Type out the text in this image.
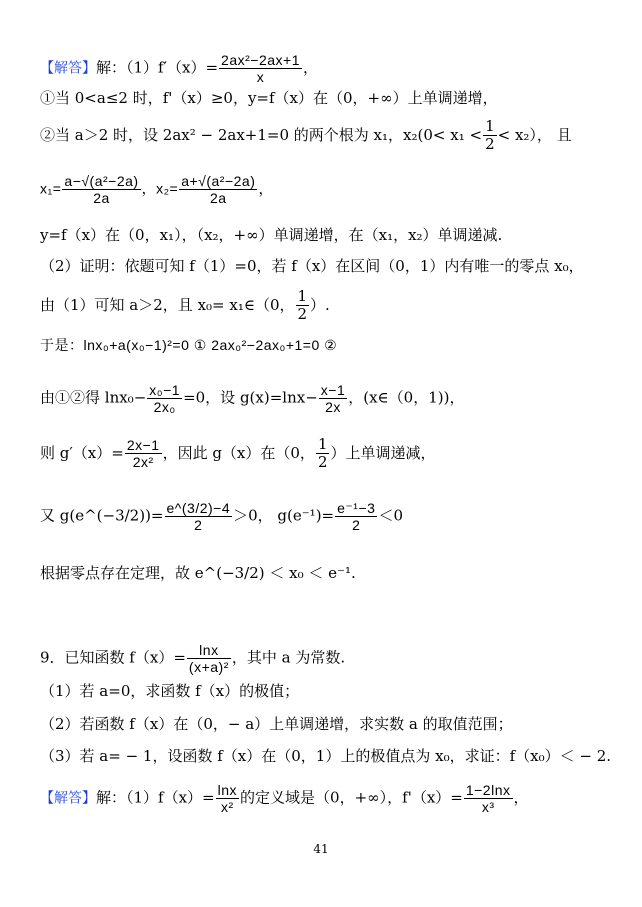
【解答】解：$(1)f'(x)= \frac{\text{2ax²−2ax+1}}{x}$ ，
①当 0<a≤2 时，f'（x）≥0，y=f（x）在（0，+∞）上单调递增，
②当 a＞2 时，设 2ax² − 2ax+1=0 的两个根为 x₁，$x_2(0< x_1 < \frac{1}{2} < x_2)$， 且
$x_1= \frac{\text{a−√(a²−2a)}}{2a}$ ，$x_2= \frac{\text{a+√(a²−2a)}}{2a}$ ，
y=f（x）在（0，x₁），（x₂，+∞）单调递增，在（x₁，x₂）单调递减.
（2）证明：依题可知 f（1）=0，若 f（x）在区间（0，1）内有唯一的零点 x₀，
由（1）可知 a＞2，且 x₀= x₁∈（0， $\frac{1}{2}$ ）.
于是：lnx₀+a(x₀−1)²=0 ① 2ax₀²−2ax₀+1=0 ②
由①②得 $\ln x_0- \frac{\text{x₀−1}}{\text{2x₀}} =0$，设 $g(x)=\ln x- \frac{x-1}{2x}$ ，(x∈（0，1))，
则 $g'(x)= \frac{2x-1}{\text{2x²}}$ ，因此 g（x）在（0， $\frac{1}{2}$ ）上单调递减，
又 g(e^(−3/2))= $\frac{e\^{}(3/2)-4}{2} >0$， $g(e^{-1})= \frac{\text{e⁻¹−3}}{2} <0$
根据零点存在定理，故 e^(−3/2) ＜ x₀ ＜ e⁻¹.
9．已知函数 $f(x)= \frac{\ln x}{\text{(x+a)²}}$ ，其中 a 为常数.
（1）若 a=0，求函数 f（x）的极值；
（2）若函数 f（x）在（0，− a）上单调递增，求实数 a 的取值范围；
（3）若 a= − 1，设函数 f（x）在（0，1）上的极值点为 x₀，求证：f（x₀）＜ − 2.
【解答】解：$(1)f(x)= \frac{\ln x}{\text{x²}}$ 的定义域是（0，+∞），$f'(x)= \frac{1-2\ln x}{\text{x³}}$ ，
41
